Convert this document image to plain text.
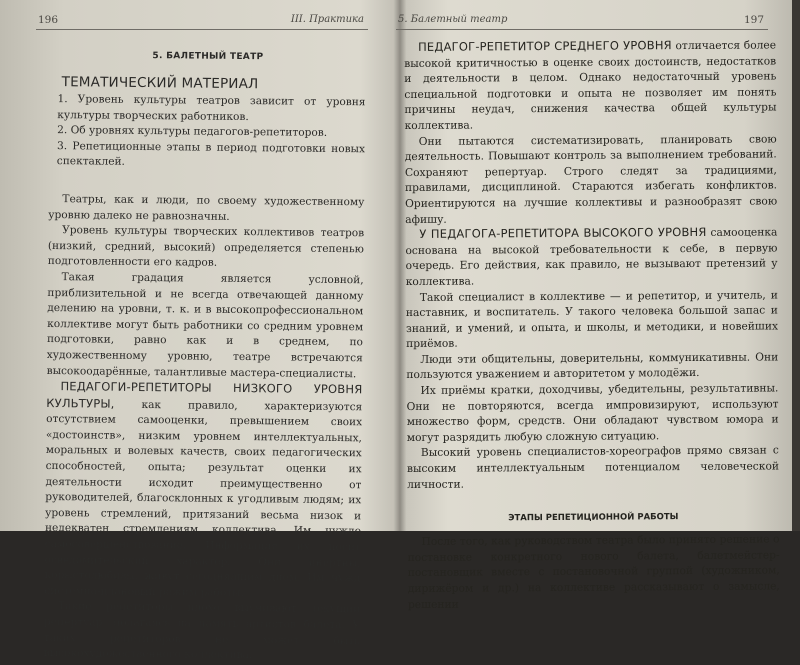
196	III. Практика
5. БАЛЕТНЫЙ ТЕАТР
ТЕМАТИЧЕСКИЙ МАТЕРИАЛ

1. Уровень культуры театров зависит от уровня культуры творческих работников.

2. Об уровнях культуры педагогов-репетиторов.

3. Репетиционные этапы в период подготовки новых спектаклей.

Театры, как и люди, по своему художественному уровню далеко не равнозначны.

Уровень культуры творческих коллективов театров (низкий, средний, высокий) определяется степенью подготовленности его кадров.

Такая градация является условной, приблизительной и не всегда отвечающей данному делению на уровни, т. к. и в высокопрофессиональном коллективе могут быть работники со средним уровнем подготовки, равно как и в среднем, по художественному уровню, театре встречаются высокоодарённые, талантливые мастера-специалисты.

ПЕДАГОГИ-РЕПЕТИТОРЫ НИЗКОГО УРОВНЯ КУЛЬТУРЫ, как правило, характеризуются отсутствием самооценки, превышением своих «достоинств», низким уровнем интеллектуальных, моральных и волевых качеств, своих педагогических способностей, опыта; результат оценки их деятельности исходит преимущественно от руководителей, благосклонных к угодливым людям; их уровень стремлений, притязаний весьма низок и недекватен стремлениям коллектива. Им чуждо самосовершенствование. Информация их носит осведомительский характер. Они инертны, корыстолюбивы, живут сегодняшним днём. Им чужд системно-плановый режим работы.

Такие репетиторы плохо выучивают текущий репертуар, полагаясь на память артистов балета. У таких репетиторов не может быть высокохудожественного коллектива.

5. Балетный театр	197

ПЕДАГОГ-РЕПЕТИТОР СРЕДНЕГО УРОВНЯ отличается более высокой критичностью в оценке своих достоинств, недостатков и деятельности в целом. Однако недостаточный уровень специальной подготовки и опыта не позволяет им понять причины неудач, снижения качества общей культуры коллектива.

Они пытаются систематизировать, планировать свою деятельность. Повышают контроль за выполнением требований. Сохраняют репертуар. Строго следят за традициями, правилами, дисциплиной. Стараются избегать конфликтов. Ориентируются на лучшие коллективы и разнообразят свою афишу.

У ПЕДАГОГА-РЕПЕТИТОРА ВЫСОКОГО УРОВНЯ самооценка основана на высокой требовательности к себе, в первую очередь. Его действия, как правило, не вызывают претензий у коллектива.

Такой специалист в коллективе — и репетитор, и учитель, и наставник, и воспитатель. У такого человека большой запас и знаний, и умений, и опыта, и школы, и методики, и новейших приёмов.

Люди эти общительны, доверительны, коммуникативны. Они пользуются уважением и авторитетом у молодёжи.

Их приёмы кратки, доходчивы, убедительны, результативны. Они не повторяются, всегда импровизируют, используют множество форм, средств. Они обладают чувством юмора и могут разрядить любую сложную ситуацию.

Высокий уровень специалистов-хореографов прямо связан с высоким интеллектуальным потенциалом человеческой личности.

ЭТАПЫ РЕПЕТИЦИОННОЙ РАБОТЫ

После того, как руководством театра было принято решение о постановке конкретного нового балета, балетмейстер-постановщик вместе с постановочной группой (художником, дирижёром и др.) на коллективе рассказывают о замысле, решении
